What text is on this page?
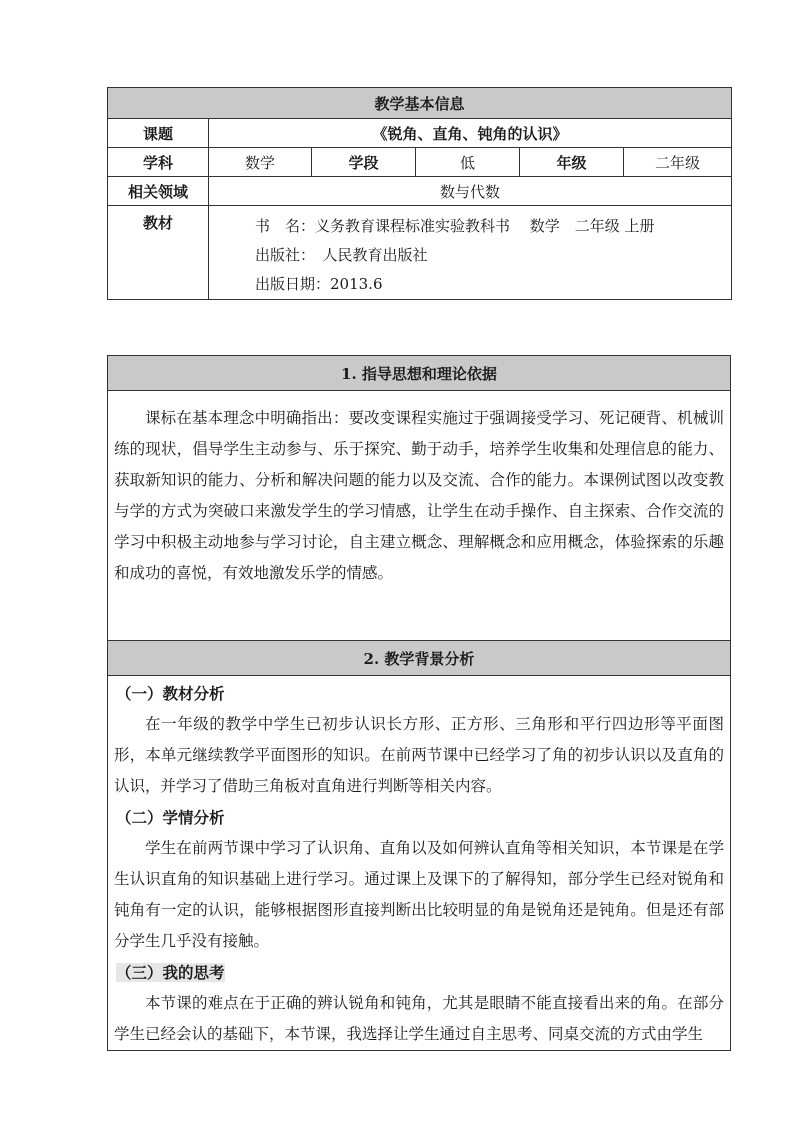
教学基本信息					
课题	《锐角、直角、钝角的认识》				
学科	数学	学段	低	年级	二年级
相关领域	数与代数				
教材	书　名：义务教育课程标准实验教科书　 数学　二年级 上册
出版社：　人民教育出版社
出版日期：2013.6				
1. 指导思想和理论依据

课标在基本理念中明确指出：要改变课程实施过于强调接受学习、死记硬背、机械训练的现状，倡导学生主动参与、乐于探究、勤于动手，培养学生收集和处理信息的能力、获取新知识的能力、分析和解决问题的能力以及交流、合作的能力。本课例试图以改变教与学的方式为突破口来激发学生的学习情感，让学生在动手操作、自主探索、合作交流的学习中积极主动地参与学习讨论，自主建立概念、理解概念和应用概念，体验探索的乐趣和成功的喜悦，有效地激发乐学的情感。

2. 教学背景分析

（一）教材分析
在一年级的教学中学生已初步认识长方形、正方形、三角形和平行四边形等平面图形，本单元继续教学平面图形的知识。在前两节课中已经学习了角的初步认识以及直角的认识，并学习了借助三角板对直角进行判断等相关内容。
（二）学情分析
学生在前两节课中学习了认识角、直角以及如何辨认直角等相关知识，本节课是在学生认识直角的知识基础上进行学习。通过课上及课下的了解得知，部分学生已经对锐角和钝角有一定的认识，能够根据图形直接判断出比较明显的角是锐角还是钝角。但是还有部分学生几乎没有接触。
（三）我的思考
本节课的难点在于正确的辨认锐角和钝角，尤其是眼睛不能直接看出来的角。在部分学生已经会认的基础下，本节课，我选择让学生通过自主思考、同桌交流的方式由学生
